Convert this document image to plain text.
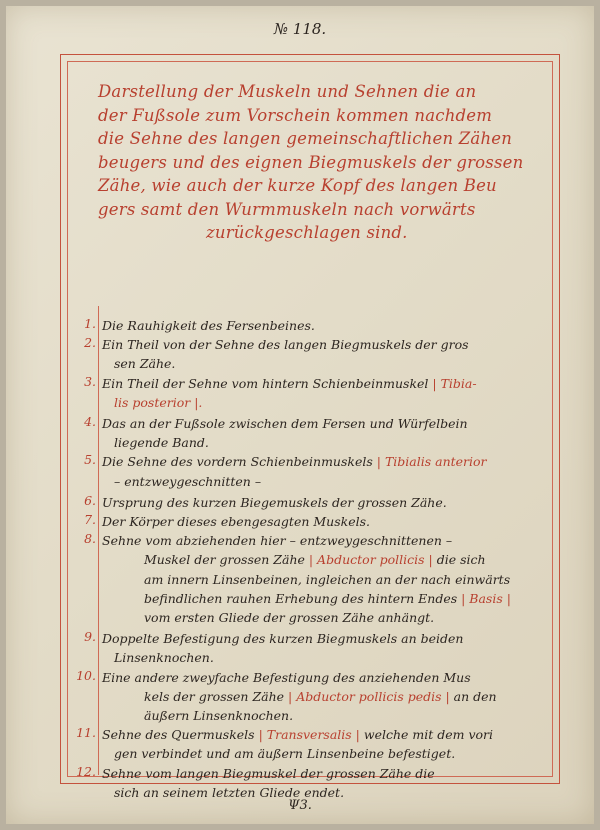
№ 118.
Darstellung der Muskeln und Sehnen die an
der Fußsole zum Vorschein kommen nachdem
die Sehne des langen gemeinschaftlichen Zähen
beugers und des eignen Biegmuskels der grossen
Zähe, wie auch der kurze Kopf des langen Beu
gers samt den Wurmmuskeln nach vorwärts
zurückgeschlagen sind.
1. Die Rauhigkeit des Fersenbeines.
2. Ein Theil von der Sehne des langen Biegmuskels der gros
sen Zähe.
3. Ein Theil der Sehne vom hintern Schienbeinmuskel | Tibia-
lis posterior |.
4. Das an der Fußsole zwischen dem Fersen und Würfelbein
liegende Band.
5. Die Sehne des vordern Schienbeinmuskels | Tibialis anterior
– entzweygeschnitten –
6. Ursprung des kurzen Biegemuskels der grossen Zähe.
7. Der Körper dieses ebengesagten Muskels.
8. Sehne vom abziehenden hier – entzweygeschnittenen –
Muskel der grossen Zähe | Abductor pollicis | die sich
am innern Linsenbeinen, ingleichen an der nach einwärts
befindlichen rauhen Erhebung des hintern Endes | Basis |
vom ersten Gliede der grossen Zähe anhängt.
9. Doppelte Befestigung des kurzen Biegmuskels an beiden
Linsenknochen.
10. Eine andere zweyfache Befestigung des anziehenden Mus
kels der grossen Zähe | Abductor pollicis pedis | an den
äußern Linsenknochen.
11. Sehne des Quermuskels | Transversalis | welche mit dem vori
gen verbindet und am äußern Linsenbeine befestiget.
12. Sehne vom langen Biegmuskel der grossen Zähe die
sich an seinem letzten Gliede endet.
Ψ3.
